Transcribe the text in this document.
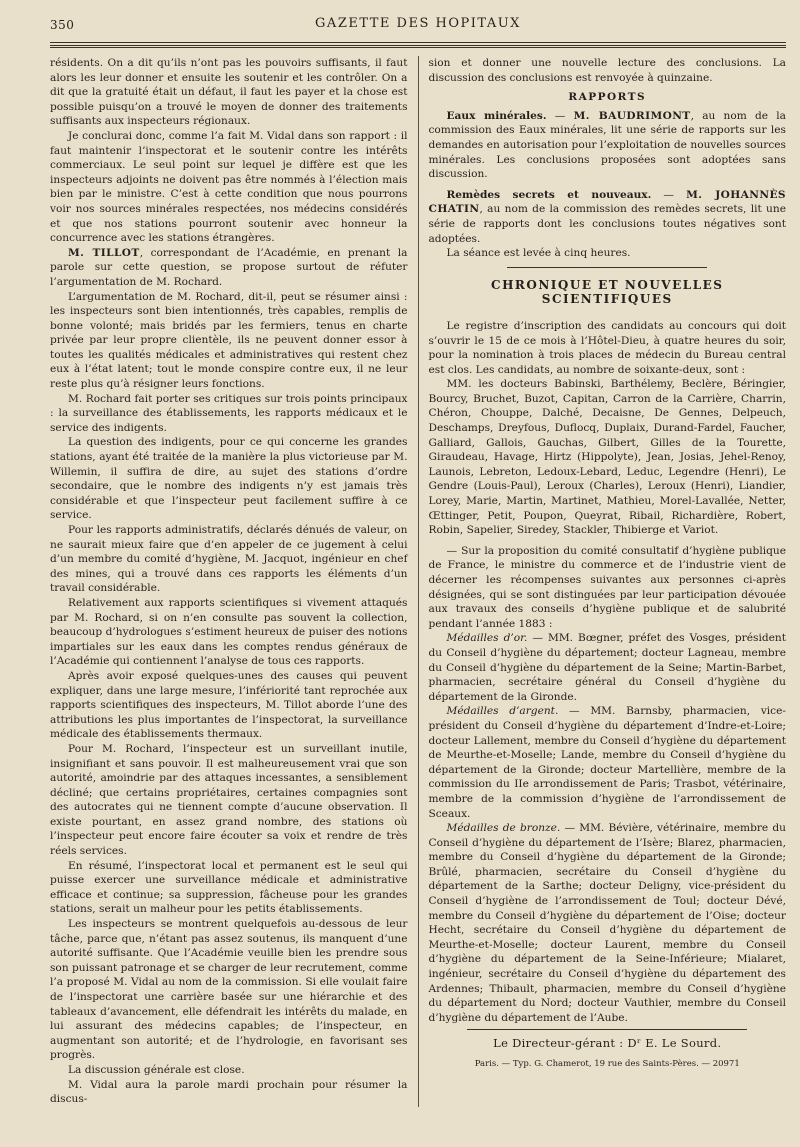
350	GAZETTE DES HOPITAUX

résidents. On a dit qu’ils n’ont pas les pouvoirs suffisants, il faut alors les leur donner et ensuite les soutenir et les contrôler. On a dit que la gratuité était un défaut, il faut les payer et la chose est possible puisqu’on a trouvé le moyen de donner des traitements suffisants aux inspecteurs régionaux.

Je conclurai donc, comme l’a fait M. Vidal dans son rapport : il faut maintenir l’inspectorat et le soutenir contre les intérêts commerciaux. Le seul point sur lequel je diffère est que les inspecteurs adjoints ne doivent pas être nommés à l’élection mais bien par le ministre. C’est à cette condition que nous pourrons voir nos sources minérales respectées, nos médecins considérés et que nos stations pourront soutenir avec honneur la concurrence avec les stations étrangères.

M. TILLOT, correspondant de l’Académie, en prenant la parole sur cette question, se propose surtout de réfuter l’argumentation de M. Rochard.

L’argumentation de M. Rochard, dit-il, peut se résumer ainsi : les inspecteurs sont bien intentionnés, très capables, remplis de bonne volonté; mais bridés par les fermiers, tenus en charte privée par leur propre clientèle, ils ne peuvent donner essor à toutes les qualités médicales et administratives qui restent chez eux à l’état latent; tout le monde conspire contre eux, il ne leur reste plus qu’à résigner leurs fonctions.

M. Rochard fait porter ses critiques sur trois points principaux : la surveillance des établissements, les rapports médicaux et le service des indigents.

La question des indigents, pour ce qui concerne les grandes stations, ayant été traitée de la manière la plus victorieuse par M. Willemin, il suffira de dire, au sujet des stations d’ordre secondaire, que le nombre des indigents n’y est jamais très considérable et que l’inspecteur peut facilement suffire à ce service.

Pour les rapports administratifs, déclarés dénués de valeur, on ne saurait mieux faire que d’en appeler de ce jugement à celui d’un membre du comité d’hygiène, M. Jacquot, ingénieur en chef des mines, qui a trouvé dans ces rapports les éléments d’un travail considérable.

Relativement aux rapports scientifiques si vivement attaqués par M. Rochard, si on n’en consulte pas souvent la collection, beaucoup d’hydrologues s’estiment heureux de puiser des notions impartiales sur les eaux dans les comptes rendus généraux de l’Académie qui contiennent l’analyse de tous ces rapports.

Après avoir exposé quelques-unes des causes qui peuvent expliquer, dans une large mesure, l’infériorité tant reprochée aux rapports scientifiques des inspecteurs, M. Tillot aborde l’une des attributions les plus importantes de l’inspectorat, la surveillance médicale des établissements thermaux.

Pour M. Rochard, l’inspecteur est un surveillant inutile, insignifiant et sans pouvoir. Il est malheureusement vrai que son autorité, amoindrie par des attaques incessantes, a sensiblement décliné; que certains propriétaires, certaines compagnies sont des autocrates qui ne tiennent compte d’aucune observation. Il existe pourtant, en assez grand nombre, des stations où l’inspecteur peut encore faire écouter sa voix et rendre de très réels services.

En résumé, l’inspectorat local et permanent est le seul qui puisse exercer une surveillance médicale et administrative efficace et continue; sa suppression, fâcheuse pour les grandes stations, serait un malheur pour les petits établissements.

Les inspecteurs se montrent quelquefois au-dessous de leur tâche, parce que, n’étant pas assez soutenus, ils manquent d’une autorité suffisante. Que l’Académie veuille bien les prendre sous son puissant patronage et se charger de leur recrutement, comme l’a proposé M. Vidal au nom de la commission. Si elle voulait faire de l’inspectorat une carrière basée sur une hiérarchie et des tableaux d’avancement, elle défendrait les intérêts du malade, en lui assurant des médecins capables; de l’inspecteur, en augmentant son autorité; et de l’hydrologie, en favorisant ses progrès.

La discussion générale est close.

M. Vidal aura la parole mardi prochain pour résumer la discus-

sion et donner une nouvelle lecture des conclusions. La discussion des conclusions est renvoyée à quinzaine.

RAPPORTS

Eaux minérales. — M. BAUDRIMONT, au nom de la commission des Eaux minérales, lit une série de rapports sur les demandes en autorisation pour l’exploitation de nouvelles sources minérales. Les conclusions proposées sont adoptées sans discussion.

Remèdes secrets et nouveaux. — M. JOHANNÈS CHATIN, au nom de la commission des remèdes secrets, lit une série de rapports dont les conclusions toutes négatives sont adoptées.

La séance est levée à cinq heures.

CHRONIQUE ET NOUVELLES SCIENTIFIQUES

Le registre d’inscription des candidats au concours qui doit s’ouvrir le 15 de ce mois à l’Hôtel-Dieu, à quatre heures du soir, pour la nomination à trois places de médecin du Bureau central est clos. Les candidats, au nombre de soixante-deux, sont :

MM. les docteurs Babinski, Barthélemy, Beclère, Béringier, Bourcy, Bruchet, Buzot, Capitan, Carron de la Carrière, Charrin, Chéron, Chouppe, Dalché, Decaisne, De Gennes, Delpeuch, Deschamps, Dreyfous, Duflocq, Duplaix, Durand-Fardel, Faucher, Galliard, Gallois, Gauchas, Gilbert, Gilles de la Tourette, Giraudeau, Havage, Hirtz (Hippolyte), Jean, Josias, Jehel-Renoy, Launois, Lebreton, Ledoux-Lebard, Leduc, Legendre (Henri), Le Gendre (Louis-Paul), Leroux (Charles), Leroux (Henri), Liandier, Lorey, Marie, Martin, Martinet, Mathieu, Morel-Lavallée, Netter, Œttinger, Petit, Poupon, Queyrat, Ribail, Richardière, Robert, Robin, Sapelier, Siredey, Stackler, Thibierge et Variot.

— Sur la proposition du comité consultatif d’hygiène publique de France, le ministre du commerce et de l’industrie vient de décerner les récompenses suivantes aux personnes ci-après désignées, qui se sont distinguées par leur participation dévouée aux travaux des conseils d’hygiène publique et de salubrité pendant l’année 1883 :

Médailles d’or. — MM. Bœgner, préfet des Vosges, président du Conseil d’hygiène du département; docteur Lagneau, membre du Conseil d’hygiène du département de la Seine; Martin-Barbet, pharmacien, secrétaire général du Conseil d’hygiène du département de la Gironde.

Médailles d’argent. — MM. Barnsby, pharmacien, vice-président du Conseil d’hygiène du département d’Indre-et-Loire; docteur Lallement, membre du Conseil d’hygiène du département de Meurthe-et-Moselle; Lande, membre du Conseil d’hygiène du département de la Gironde; docteur Martellière, membre de la commission du IIe arrondissement de Paris; Trasbot, vétérinaire, membre de la commission d’hygiène de l’arrondissement de Sceaux.

Médailles de bronze. — MM. Bévière, vétérinaire, membre du Conseil d’hygiène du département de l’Isère; Blarez, pharmacien, membre du Conseil d’hygiène du département de la Gironde; Brûlé, pharmacien, secrétaire du Conseil d’hygiène du département de la Sarthe; docteur Deligny, vice-président du Conseil d’hygiène de l’arrondissement de Toul; docteur Dévé, membre du Conseil d’hygiène du département de l’Oise; docteur Hecht, secrétaire du Conseil d’hygiène du département de Meurthe-et-Moselle; docteur Laurent, membre du Conseil d’hygiène du département de la Seine-Inférieure; Mialaret, ingénieur, secrétaire du Conseil d’hygiène du département des Ardennes; Thibault, pharmacien, membre du Conseil d’hygiène du département du Nord; docteur Vauthier, membre du Conseil d’hygiène du département de l’Aube.

Le Directeur-gérant : Dʳ E. Le Sourd.
Paris. — Typ. G. Chamerot, 19 rue des Saints-Pères. — 20971
